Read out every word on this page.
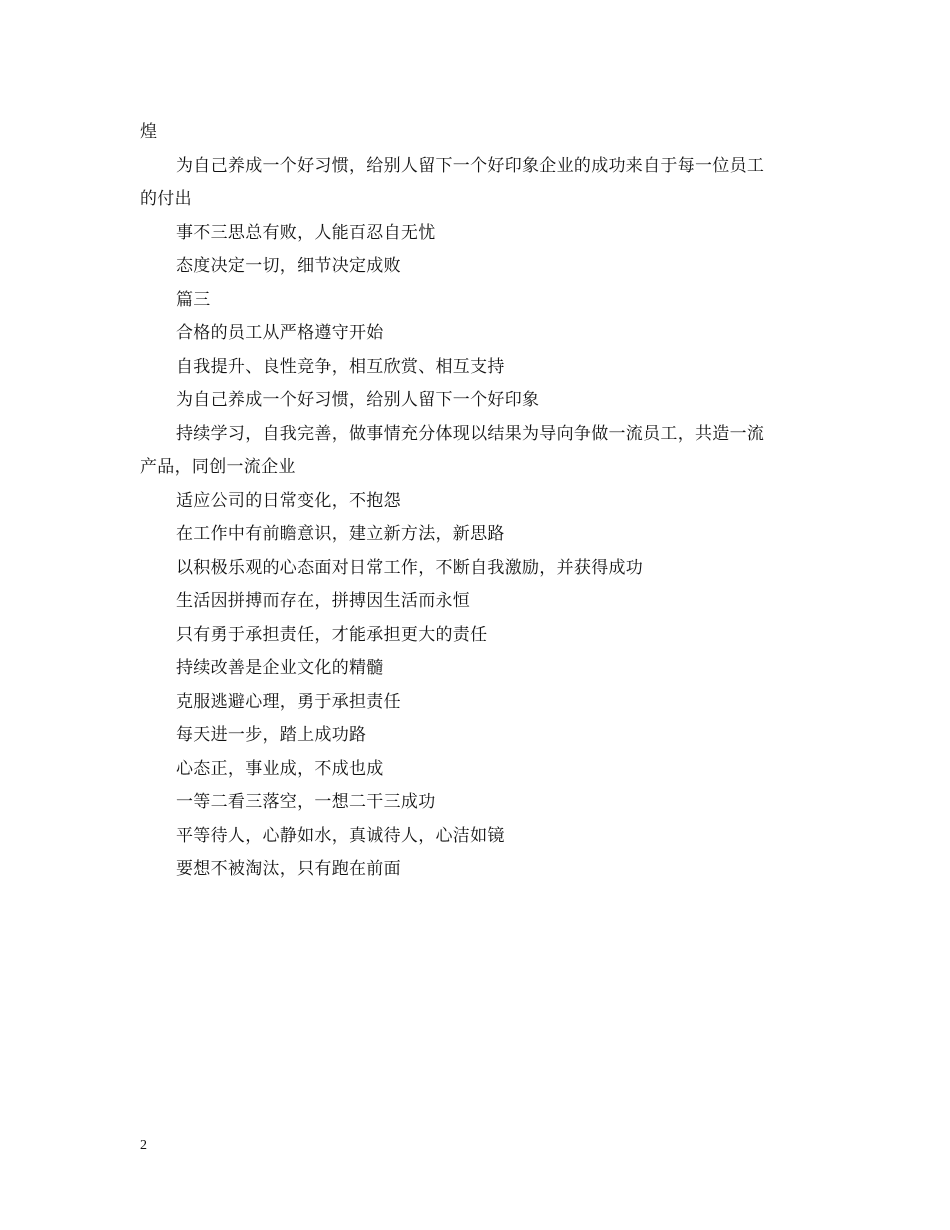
煌
为自己养成一个好习惯，给别人留下一个好印象企业的成功来自于每一位员工
的付出
事不三思总有败，人能百忍自无忧
态度决定一切，细节决定成败
篇三
合格的员工从严格遵守开始
自我提升、良性竞争，相互欣赏、相互支持
为自己养成一个好习惯，给别人留下一个好印象
持续学习，自我完善，做事情充分体现以结果为导向争做一流员工，共造一流
产品，同创一流企业
适应公司的日常变化，不抱怨
在工作中有前瞻意识，建立新方法，新思路
以积极乐观的心态面对日常工作，不断自我激励，并获得成功
生活因拼搏而存在，拼搏因生活而永恒
只有勇于承担责任，才能承担更大的责任
持续改善是企业文化的精髓
克服逃避心理，勇于承担责任
每天进一步，踏上成功路
心态正，事业成，不成也成
一等二看三落空，一想二干三成功
平等待人，心静如水，真诚待人，心洁如镜
要想不被淘汰，只有跑在前面
2
